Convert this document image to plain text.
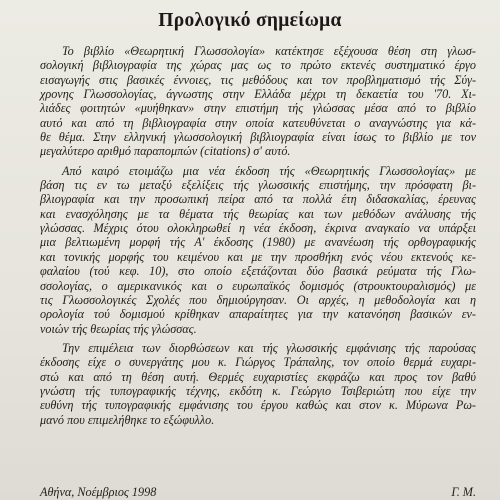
Προλογικό σημείωμα
Το βιβλίο «Θεωρητική Γλωσσολογία» κατέκτησε εξέχουσα θέση στη γλωσ-
σολογική βιβλιογραφία της χώρας μας ως το πρώτο εκτενές συστηματικό έργο
εισαγωγής στις βασικές έννοιες, τις μεθόδους και τον προβληματισμό τής Σύγ-
χρονης Γλωσσολογίας, άγνωστης στην Ελλάδα μέχρι τη δεκαετία του '70. Χι-
λιάδες φοιτητών «μυήθηκαν» στην επιστήμη τής γλώσσας μέσα από το βιβλίο
αυτό και από τη βιβλιογραφία στην οποία κατευθύνεται ο αναγνώστης για κά-
θε θέμα. Στην ελληνική γλωσσολογική βιβλιογραφία είναι ίσως το βιβλίο με τον
μεγαλύτερο αριθμό παραπομπών (citations) σ' αυτό.
Από καιρό ετοιμάζω μια νέα έκδοση τής «Θεωρητικής Γλωσσολογίας» με
βάση τις εν τω μεταξύ εξελίξεις τής γλωσσικής επιστήμης, την πρόσφατη βι-
βλιογραφία και την προσωπική πείρα από τα πολλά έτη διδασκαλίας, έρευνας
και ενασχόλησης με τα θέματα τής θεωρίας και των μεθόδων ανάλυσης τής
γλώσσας. Μέχρις ότου ολοκληρωθεί η νέα έκδοση, έκρινα αναγκαίο να υπάρξει
μια βελτιωμένη μορφή τής Α' έκδοσης (1980) με ανανέωση τής ορθογραφικής
και τονικής μορφής του κειμένου και με την προσθήκη ενός νέου εκτενούς κε-
φαλαίου (τού κεφ. 10), στο οποίο εξετάζονται δύο βασικά ρεύματα τής Γλω-
σσολογίας, ο αμερικανικός και ο ευρωπαϊκός δομισμός (στρουκτουραλισμός) με
τις Γλωσσολογικές Σχολές που δημιούργησαν. Οι αρχές, η μεθοδολογία και η
ορολογία τού δομισμού κρίθηκαν απαραίτητες για την κατανόηση βασικών εν-
νοιών τής θεωρίας τής γλώσσας.
Την επιμέλεια των διορθώσεων και τής γλωσσικής εμφάνισης τής παρούσας
έκδοσης είχε ο συνεργάτης μου κ. Γιώργος Τράπαλης, τον οποίο θερμά ευχαρι-
στώ και από τη θέση αυτή. Θερμές ευχαριστίες εκφράζω και προς τον βαθύ
γνώστη τής τυπογραφικής τέχνης, εκδότη κ. Γεώργιο Τσιβεριώτη που είχε την
ευθύνη τής τυπογραφικής εμφάνισης του έργου καθώς και στον κ. Μύρωνα Ρω-
μανό που επιμελήθηκε το εξώφυλλο.
Αθήνα, Νοέμβριος 1998	Γ. Μ.
